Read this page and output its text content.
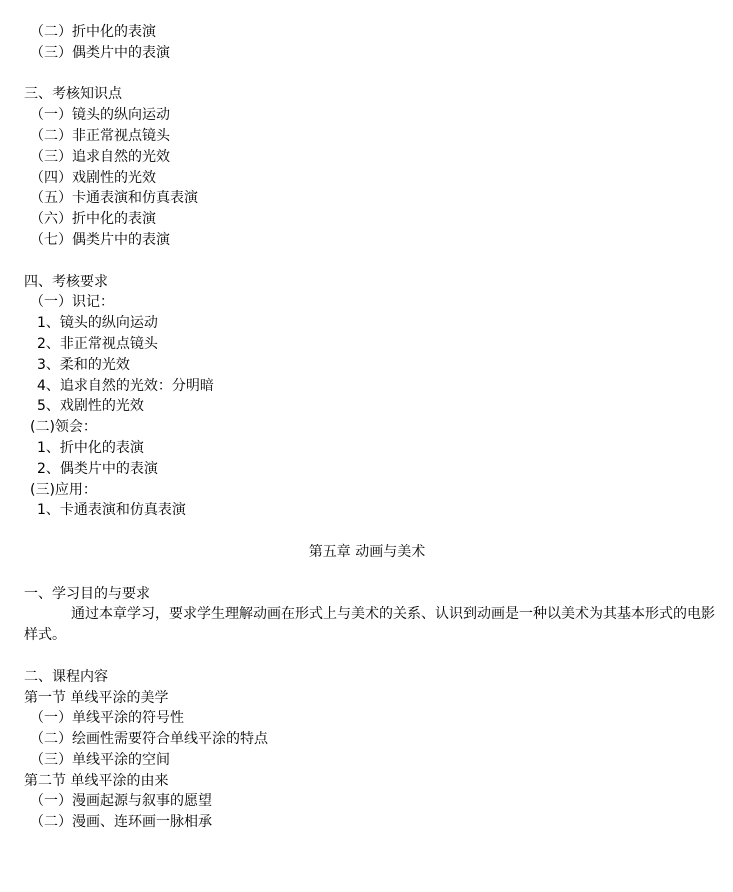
（二）折中化的表演
（三）偶类片中的表演
三、考核知识点
（一）镜头的纵向运动
（二）非正常视点镜头
（三）追求自然的光效
（四）戏剧性的光效
（五）卡通表演和仿真表演
（六）折中化的表演
（七）偶类片中的表演
四、考核要求
（一）识记：
1、镜头的纵向运动
2、非正常视点镜头
3、柔和的光效
4、追求自然的光效：分明暗
5、戏剧性的光效
(二)领会：
1、折中化的表演
2、偶类片中的表演
(三)应用：
1、卡通表演和仿真表演
第五章 动画与美术
一、学习目的与要求
通过本章学习，要求学生理解动画在形式上与美术的关系、认识到动画是一种以美术为其基本形式的电影样式。
二、课程内容
第一节 单线平涂的美学
（一）单线平涂的符号性
（二）绘画性需要符合单线平涂的特点
（三）单线平涂的空间
第二节 单线平涂的由来
（一）漫画起源与叙事的愿望
（二）漫画、连环画一脉相承
